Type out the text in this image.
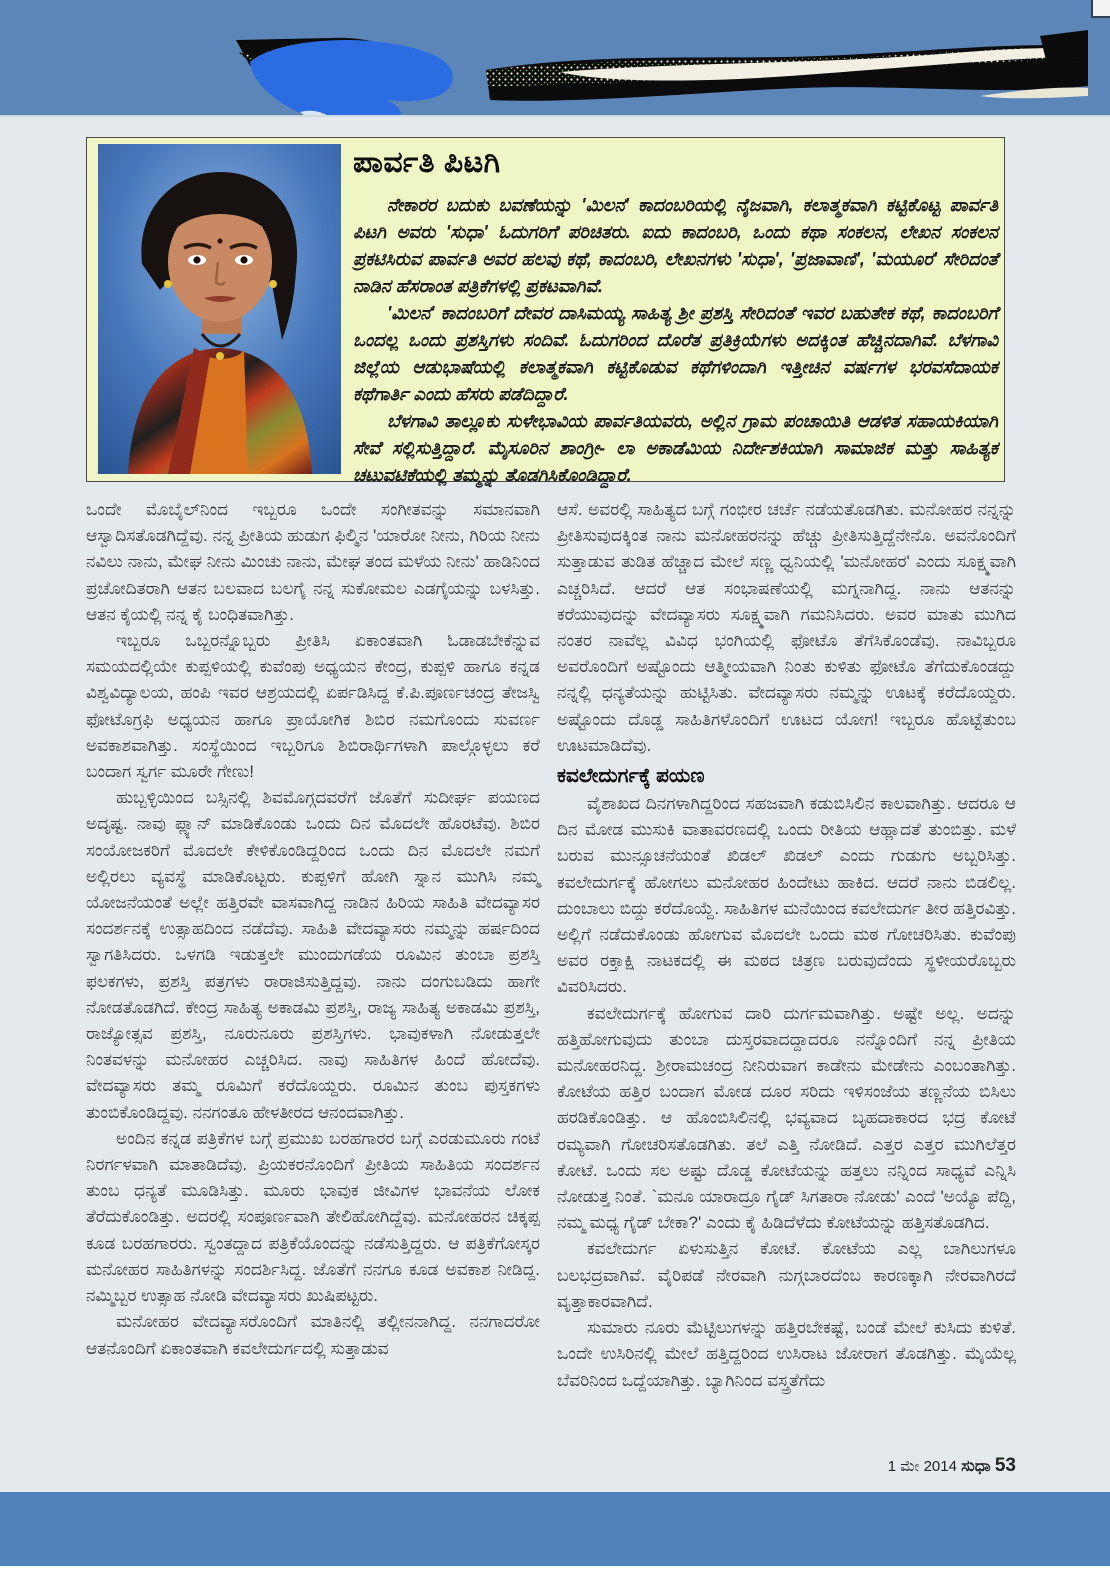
ಪಾರ್ವತಿ ಪಿಟಗಿ

ನೇಕಾರರ ಬದುಕು ಬವಣೆಯನ್ನು 'ಮಿಲನ' ಕಾದಂಬರಿಯಲ್ಲಿ ನೈಜವಾಗಿ, ಕಲಾತ್ಮಕವಾಗಿ ಕಟ್ಟಿಕೊಟ್ಟ ಪಾರ್ವತಿ ಪಿಟಗಿ ಅವರು 'ಸುಧಾ' ಓದುಗರಿಗೆ ಪರಿಚಿತರು. ಐದು ಕಾದಂಬರಿ, ಒಂದು ಕಥಾ ಸಂಕಲನ, ಲೇಖನ ಸಂಕಲನ ಪ್ರಕಟಿಸಿರುವ ಪಾರ್ವತಿ ಅವರ ಹಲವು ಕಥೆ, ಕಾದಂಬರಿ, ಲೇಖನಗಳು 'ಸುಧಾ', 'ಪ್ರಜಾವಾಣಿ', 'ಮಯೂರ' ಸೇರಿದಂತೆ ನಾಡಿನ ಹೆಸರಾಂತ ಪತ್ರಿಕೆಗಳಲ್ಲಿ ಪ್ರಕಟವಾಗಿವೆ.

'ಮಿಲನ' ಕಾದಂಬರಿಗೆ ದೇವರ ದಾಸಿಮಯ್ಯ ಸಾಹಿತ್ಯ ಶ್ರೀ ಪ್ರಶಸ್ತಿ ಸೇರಿದಂತೆ ಇವರ ಬಹುತೇಕ ಕಥೆ, ಕಾದಂಬರಿಗೆ ಒಂದಲ್ಲ ಒಂದು ಪ್ರಶಸ್ತಿಗಳು ಸಂದಿವೆ. ಓದುಗರಿಂದ ದೊರೆತ ಪ್ರತಿಕ್ರಿಯೆಗಳು ಅದಕ್ಕಿಂತ ಹೆಚ್ಚಿನದಾಗಿವೆ. ಬೆಳಗಾವಿ ಜಿಲ್ಲೆಯ ಆಡುಭಾಷೆಯಲ್ಲಿ ಕಲಾತ್ಮಕವಾಗಿ ಕಟ್ಟಿಕೊಡುವ ಕಥೆಗಳಿಂದಾಗಿ ಇತ್ತೀಚಿನ ವರ್ಷಗಳ ಭರವಸೆದಾಯಕ ಕಥೆಗಾರ್ತಿ ಎಂದು ಹೆಸರು ಪಡೆದಿದ್ದಾರೆ.

ಬೆಳಗಾವಿ ತಾಲ್ಲೂಕು ಸುಳೇಭಾವಿಯ ಪಾರ್ವತಿಯವರು, ಅಲ್ಲಿನ ಗ್ರಾಮ ಪಂಚಾಯಿತಿ ಆಡಳಿತ ಸಹಾಯಕಿಯಾಗಿ ಸೇವೆ ಸಲ್ಲಿಸುತ್ತಿದ್ದಾರೆ. ಮೈಸೂರಿನ ಶಾಂಗ್ರೀ- ಲಾ ಅಕಾಡೆಮಿಯ ನಿರ್ದೇಶಕಿಯಾಗಿ ಸಾಮಾಜಿಕ ಮತ್ತು ಸಾಹಿತ್ಯಕ ಚಟುವಟಿಕೆಯಲ್ಲಿ ತಮ್ಮನ್ನು ತೊಡಗಿಸಿಕೊಂಡಿದ್ದಾರೆ.

ಒಂದೇ ಮೊಬೈಲ್‌ನಿಂದ ಇಬ್ಬರೂ ಒಂದೇ ಸಂಗೀತವನ್ನು ಸಮಾನವಾಗಿ ಆಸ್ವಾದಿಸತೊಡಗಿದ್ದೆವು. ನನ್ನ ಪ್ರೀತಿಯ ಹುಡುಗ ಫಿಲ್ಮಿನ 'ಯಾರೋ ನೀನು, ಗಿರಿಯ ನೀನು ನವಿಲು ನಾನು, ಮೇಘ ನೀನು ಮಿಂಚು ನಾನು, ಮೇಘ ತಂದ ಮಳೆಯ ನೀನು' ಹಾಡಿನಿಂದ ಪ್ರಚೋದಿತರಾಗಿ ಆತನ ಬಲವಾದ ಬಲಗೈ ನನ್ನ ಸುಕೋಮಲ ಎಡಗೈಯನ್ನು ಬಳಸಿತ್ತು. ಆತನ ಕೈಯಲ್ಲಿ ನನ್ನ ಕೈ ಬಂಧಿತವಾಗಿತ್ತು.

ಇಬ್ಬರೂ ಒಬ್ಬರನ್ನೊಬ್ಬರು ಪ್ರೀತಿಸಿ ಏಕಾಂತವಾಗಿ ಓಡಾಡಬೇಕೆನ್ನುವ ಸಮಯದಲ್ಲಿಯೇ ಕುಪ್ಪಳಿಯಲ್ಲಿ ಕುವೆಂಪು ಅಧ್ಯಯನ ಕೇಂದ್ರ, ಕುಪ್ಪಳಿ ಹಾಗೂ ಕನ್ನಡ ವಿಶ್ವವಿದ್ಯಾಲಯ, ಹಂಪಿ ಇವರ ಆಶ್ರಯದಲ್ಲಿ ಏರ್ಪಡಿಸಿದ್ದ ಕೆ.ಪಿ.ಪೂರ್ಣಚಂದ್ರ ತೇಜಸ್ವಿ ಫೋಟೊಗ್ರಫಿ ಅಧ್ಯಯನ ಹಾಗೂ ಪ್ರಾಯೋಗಿಕ ಶಿಬಿರ ನಮಗೊಂದು ಸುವರ್ಣ ಅವಕಾಶವಾಗಿತ್ತು. ಸಂಸ್ಥೆಯಿಂದ ಇಬ್ಬರಿಗೂ ಶಿಬಿರಾರ್ಥಿಗಳಾಗಿ ಪಾಲ್ಗೊಳ್ಳಲು ಕರೆ ಬಂದಾಗ ಸ್ವರ್ಗ ಮೂರೇ ಗೇಣು!

ಹುಬ್ಬಳ್ಳಿಯಿಂದ ಬಸ್ಸಿನಲ್ಲಿ ಶಿವಮೊಗ್ಗದವರೆಗೆ ಜೊತೆಗೆ ಸುದೀರ್ಘ ಪಯಣದ ಅದೃಷ್ಟ. ನಾವು ಪ್ಲ್ಯಾನ್ ಮಾಡಿಕೊಂಡು ಒಂದು ದಿನ ಮೊದಲೇ ಹೊರಟೆವು. ಶಿಬಿರ ಸಂಯೋಜಕರಿಗೆ ಮೊದಲೇ ಕೇಳಿಕೊಂಡಿದ್ದರಿಂದ ಒಂದು ದಿನ ಮೊದಲೇ ನಮಗೆ ಅಲ್ಲಿರಲು ವ್ಯವಸ್ಥೆ ಮಾಡಿಕೊಟ್ಟರು. ಕುಪ್ಪಳಿಗೆ ಹೋಗಿ ಸ್ನಾನ ಮುಗಿಸಿ ನಮ್ಮ ಯೋಜನೆಯಂತೆ ಅಲ್ಲೇ ಹತ್ತಿರವೇ ವಾಸವಾಗಿದ್ದ ನಾಡಿನ ಹಿರಿಯ ಸಾಹಿತಿ ವೇದವ್ಯಾಸರ ಸಂದರ್ಶನಕ್ಕೆ ಉತ್ಸಾಹದಿಂದ ನಡೆದೆವು. ಸಾಹಿತಿ ವೇದವ್ಯಾಸರು ನಮ್ಮನ್ನು ಹರ್ಷದಿಂದ ಸ್ವಾಗತಿಸಿದರು. ಒಳಗಡಿ ಇಡುತ್ತಲೇ ಮುಂದುಗಡೆಯ ರೂಮಿನ ತುಂಬಾ ಪ್ರಶಸ್ತಿ ಫಲಕಗಳು, ಪ್ರಶಸ್ತಿ ಪತ್ರಗಳು ರಾರಾಜಿಸುತ್ತಿದ್ದವು. ನಾನು ದಂಗುಬಡಿದು ಹಾಗೇ ನೋಡತೊಡಗಿದೆ. ಕೇಂದ್ರ ಸಾಹಿತ್ಯ ಅಕಾಡಮಿ ಪ್ರಶಸ್ತಿ, ರಾಜ್ಯ ಸಾಹಿತ್ಯ ಅಕಾಡಮಿ ಪ್ರಶಸ್ತಿ, ರಾಜ್ಯೋತ್ಸವ ಪ್ರಶಸ್ತಿ, ನೂರುನೂರು ಪ್ರಶಸ್ತಿಗಳು. ಭಾವುಕಳಾಗಿ ನೋಡುತ್ತಲೇ ನಿಂತವಳನ್ನು ಮನೋಹರ ಎಚ್ಚರಿಸಿದ. ನಾವು ಸಾಹಿತಿಗಳ ಹಿಂದೆ ಹೋದೆವು. ವೇದವ್ಯಾಸರು ತಮ್ಮ ರೂಮಿಗೆ ಕರೆದೊಯ್ದರು. ರೂಮಿನ ತುಂಬ ಪುಸ್ತಕಗಳು ತುಂಬಿಕೊಂಡಿದ್ದವು. ನನಗಂತೂ ಹೇಳತೀರದ ಆನಂದವಾಗಿತ್ತು.

ಅಂದಿನ ಕನ್ನಡ ಪತ್ರಿಕೆಗಳ ಬಗ್ಗೆ ಪ್ರಮುಖ ಬರಹಗಾರರ ಬಗ್ಗೆ ಎರಡುಮೂರು ಗಂಟೆ ನಿರರ್ಗಳವಾಗಿ ಮಾತಾಡಿದೆವು. ಪ್ರಿಯಕರನೊಂದಿಗೆ ಪ್ರೀತಿಯ ಸಾಹಿತಿಯ ಸಂದರ್ಶನ ತುಂಬ ಧನ್ಯತೆ ಮೂಡಿಸಿತ್ತು. ಮೂರು ಭಾವುಕ ಜೀವಿಗಳ ಭಾವನೆಯ ಲೋಕ ತೆರೆದುಕೊಂಡಿತ್ತು. ಅದರಲ್ಲಿ ಸಂಪೂರ್ಣವಾಗಿ ತೇಲಿಹೋಗಿದ್ದೆವು. ಮನೋಹರನ ಚಿಕ್ಕಪ್ಪ ಕೂಡ ಬರಹಗಾರರು. ಸ್ವಂತದ್ದಾದ ಪತ್ರಿಕೆಯೊಂದನ್ನು ನಡೆಸುತ್ತಿದ್ದರು. ಆ ಪತ್ರಿಕೆಗೋಸ್ಕರ ಮನೋಹರ ಸಾಹಿತಿಗಳನ್ನು ಸಂದರ್ಶಿಸಿದ್ದ. ಜೊತೆಗೆ ನನಗೂ ಕೂಡ ಅವಕಾಶ ನೀಡಿದ್ದ. ನಮ್ಮಿಬ್ಬರ ಉತ್ಸಾಹ ನೋಡಿ ವೇದವ್ಯಾಸರು ಖುಷಿಪಟ್ಟರು.

ಮನೋಹರ ವೇದವ್ಯಾಸರೊಂದಿಗೆ ಮಾತಿನಲ್ಲಿ ತಲ್ಲೀನನಾಗಿದ್ದ. ನನಗಾದರೋ ಆತನೊಂದಿಗೆ ಏಕಾಂತವಾಗಿ ಕವಲೇದುರ್ಗದಲ್ಲಿ ಸುತ್ತಾಡುವ

ಆಸೆ. ಅವರಲ್ಲಿ ಸಾಹಿತ್ಯದ ಬಗ್ಗೆ ಗಂಭೀರ ಚರ್ಚೆ ನಡೆಯತೊಡಗಿತು. ಮನೋಹರ ನನ್ನನ್ನು ಪ್ರೀತಿಸುವುದಕ್ಕಿಂತ ನಾನು ಮನೋಹರನನ್ನು ಹೆಚ್ಚು ಪ್ರೀತಿಸುತ್ತಿದ್ದೆನೇನೊ. ಅವನೊಂದಿಗೆ ಸುತ್ತಾಡುವ ತುಡಿತ ಹೆಚ್ಚಾದ ಮೇಲೆ ಸಣ್ಣ ಧ್ವನಿಯಲ್ಲಿ 'ಮನೋಹರ' ಎಂದು ಸೂಕ್ಷ್ಮವಾಗಿ ಎಚ್ಚರಿಸಿದೆ. ಆದರೆ ಆತ ಸಂಭಾಷಣೆಯಲ್ಲಿ ಮಗ್ನನಾಗಿದ್ದ. ನಾನು ಆತನನ್ನು ಕರೆಯುವುದನ್ನು ವೇದವ್ಯಾಸರು ಸೂಕ್ಷ್ಮವಾಗಿ ಗಮನಿಸಿದರು. ಅವರ ಮಾತು ಮುಗಿದ ನಂತರ ನಾವೆಲ್ಲ ವಿವಿಧ ಭಂಗಿಯಲ್ಲಿ ಫೋಟೊ ತೆಗೆಸಿಕೊಂಡೆವು. ನಾವಿಬ್ಬರೂ ಅವರೊಂದಿಗೆ ಅಷ್ಟೊಂದು ಆತ್ಮೀಯವಾಗಿ ನಿಂತು ಕುಳಿತು ಫೋಟೊ ತೆಗೆದುಕೊಂಡದ್ದು ನನ್ನಲ್ಲಿ ಧನ್ಯತೆಯನ್ನು ಹುಟ್ಟಿಸಿತು. ವೇದವ್ಯಾಸರು ನಮ್ಮನ್ನು ಊಟಕ್ಕೆ ಕರೆದೊಯ್ದರು. ಅಷ್ಟೊಂದು ದೊಡ್ಡ ಸಾಹಿತಿಗಳೊಂದಿಗೆ ಊಟದ ಯೋಗ! ಇಬ್ಬರೂ ಹೊಟ್ಟೆತುಂಬ ಊಟಮಾಡಿದೆವು.

ಕವಲೇದುರ್ಗಕ್ಕೆ ಪಯಣ

ವೈಶಾಖದ ದಿನಗಳಾಗಿದ್ದರಿಂದ ಸಹಜವಾಗಿ ಕಡುಬಿಸಿಲಿನ ಕಾಲವಾಗಿತ್ತು. ಆದರೂ ಆ ದಿನ ಮೋಡ ಮುಸುಕಿ ವಾತಾವರಣದಲ್ಲಿ ಒಂದು ರೀತಿಯ ಆಹ್ಲಾದತೆ ತುಂಬಿತ್ತು. ಮಳೆ ಬರುವ ಮುನ್ಸೂಚನೆಯಂತೆ ಖಿಡಲ್ ಖಿಡಲ್ ಎಂದು ಗುಡುಗು ಅಬ್ಬರಿಸಿತ್ತು. ಕವಲೇದುರ್ಗಕ್ಕೆ ಹೋಗಲು ಮನೋಹರ ಹಿಂದೇಟು ಹಾಕಿದ. ಆದರೆ ನಾನು ಬಿಡಲಿಲ್ಲ. ದುಂಬಾಲು ಬಿದ್ದು ಕರೆದೊಯ್ದೆ. ಸಾಹಿತಿಗಳ ಮನೆಯಿಂದ ಕವಲೇದುರ್ಗ ತೀರ ಹತ್ತಿರವಿತ್ತು. ಅಲ್ಲಿಗೆ ನಡೆದುಕೊಂಡು ಹೋಗುವ ಮೊದಲೇ ಒಂದು ಮಠ ಗೋಚರಿಸಿತು. ಕುವೆಂಪು ಅವರ ರಕ್ತಾಕ್ಷಿ ನಾಟಕದಲ್ಲಿ ಈ ಮಠದ ಚಿತ್ರಣ ಬರುವುದೆಂದು ಸ್ಥಳೀಯರೊಬ್ಬರು ವಿವರಿಸಿದರು.

ಕವಲೇದುರ್ಗಕ್ಕೆ ಹೋಗುವ ದಾರಿ ದುರ್ಗಮವಾಗಿತ್ತು. ಅಷ್ಟೇ ಅಲ್ಲ. ಅದನ್ನು ಹತ್ತಿಹೋಗುವುದು ತುಂಬಾ ದುಸ್ತರವಾದದ್ದಾದರೂ ನನ್ನೊಂದಿಗೆ ನನ್ನ ಪ್ರೀತಿಯ ಮನೋಹರನಿದ್ದ. ಶ್ರೀರಾಮಚಂದ್ರ ನೀನಿರುವಾಗ ಕಾಡೇನು ಮೇಡೇನು ಎಂಬಂತಾಗಿತ್ತು. ಕೋಟೆಯ ಹತ್ತಿರ ಬಂದಾಗ ಮೋಡ ದೂರ ಸರಿದು ಇಳಿಸಂಜೆಯ ತಣ್ಣನೆಯ ಬಿಸಿಲು ಹರಡಿಕೊಂಡಿತ್ತು. ಆ ಹೊಂಬಿಸಿಲಿನಲ್ಲಿ ಭವ್ಯವಾದ ಬೃಹದಾಕಾರದ ಭದ್ರ ಕೋಟೆ ರಮ್ಯವಾಗಿ ಗೋಚರಿಸತೊಡಗಿತು. ತಲೆ ಎತ್ತಿ ನೋಡಿದೆ. ಎತ್ತರ ಎತ್ತರ ಮುಗಿಲೆತ್ತರ ಕೋಟೆ. ಒಂದು ಸಲ ಅಷ್ಟು ದೊಡ್ಡ ಕೋಟೆಯನ್ನು ಹತ್ತಲು ನನ್ನಿಂದ ಸಾಧ್ಯವೆ ಎನ್ನಿಸಿ ನೋಡುತ್ತ ನಿಂತೆ. `ಮನೂ ಯಾರಾದ್ರೂ ಗೈಡ್ ಸಿಗತಾರಾ ನೋಡು' ಎಂದೆ 'ಅಯ್ಯೊ ಪೆದ್ದಿ, ನಮ್ಮ ಮಧ್ಯ ಗೈಡ್ ಬೇಕಾ?' ಎಂದು ಕೈ ಹಿಡಿದೆಳೆದು ಕೋಟೆಯನ್ನು ಹತ್ತಿಸತೊಡಗಿದ.

ಕವಲೇದುರ್ಗ ಏಳುಸುತ್ತಿನ ಕೋಟೆ. ಕೋಟೆಯ ಎಲ್ಲ ಬಾಗಿಲುಗಳೂ ಬಲಭದ್ರವಾಗಿವೆ. ವೈರಿಪಡೆ ನೇರವಾಗಿ ನುಗ್ಗಬಾರದೆಂಬ ಕಾರಣಕ್ಕಾಗಿ ನೇರವಾಗಿರದೆ ವೃತ್ತಾಕಾರವಾಗಿದೆ.

ಸುಮಾರು ನೂರು ಮೆಟ್ಟಿಲುಗಳನ್ನು ಹತ್ತಿರಬೇಕಷ್ಟೆ, ಬಂಡೆ ಮೇಲೆ ಕುಸಿದು ಕುಳಿತೆ. ಒಂದೇ ಉಸಿರಿನಲ್ಲಿ ಮೇಲೆ ಹತ್ತಿದ್ದರಿಂದ ಉಸಿರಾಟ ಜೋರಾಗ ತೊಡಗಿತ್ತು. ಮೈಯೆಲ್ಲ ಬೆವರಿನಿಂದ ಒದ್ದೆಯಾಗಿತ್ತು. ಬ್ಯಾಗಿನಿಂದ ವಸ್ತ್ರತೆಗೆದು

1 ಮೇ 2014 ಸುಧಾ 53
